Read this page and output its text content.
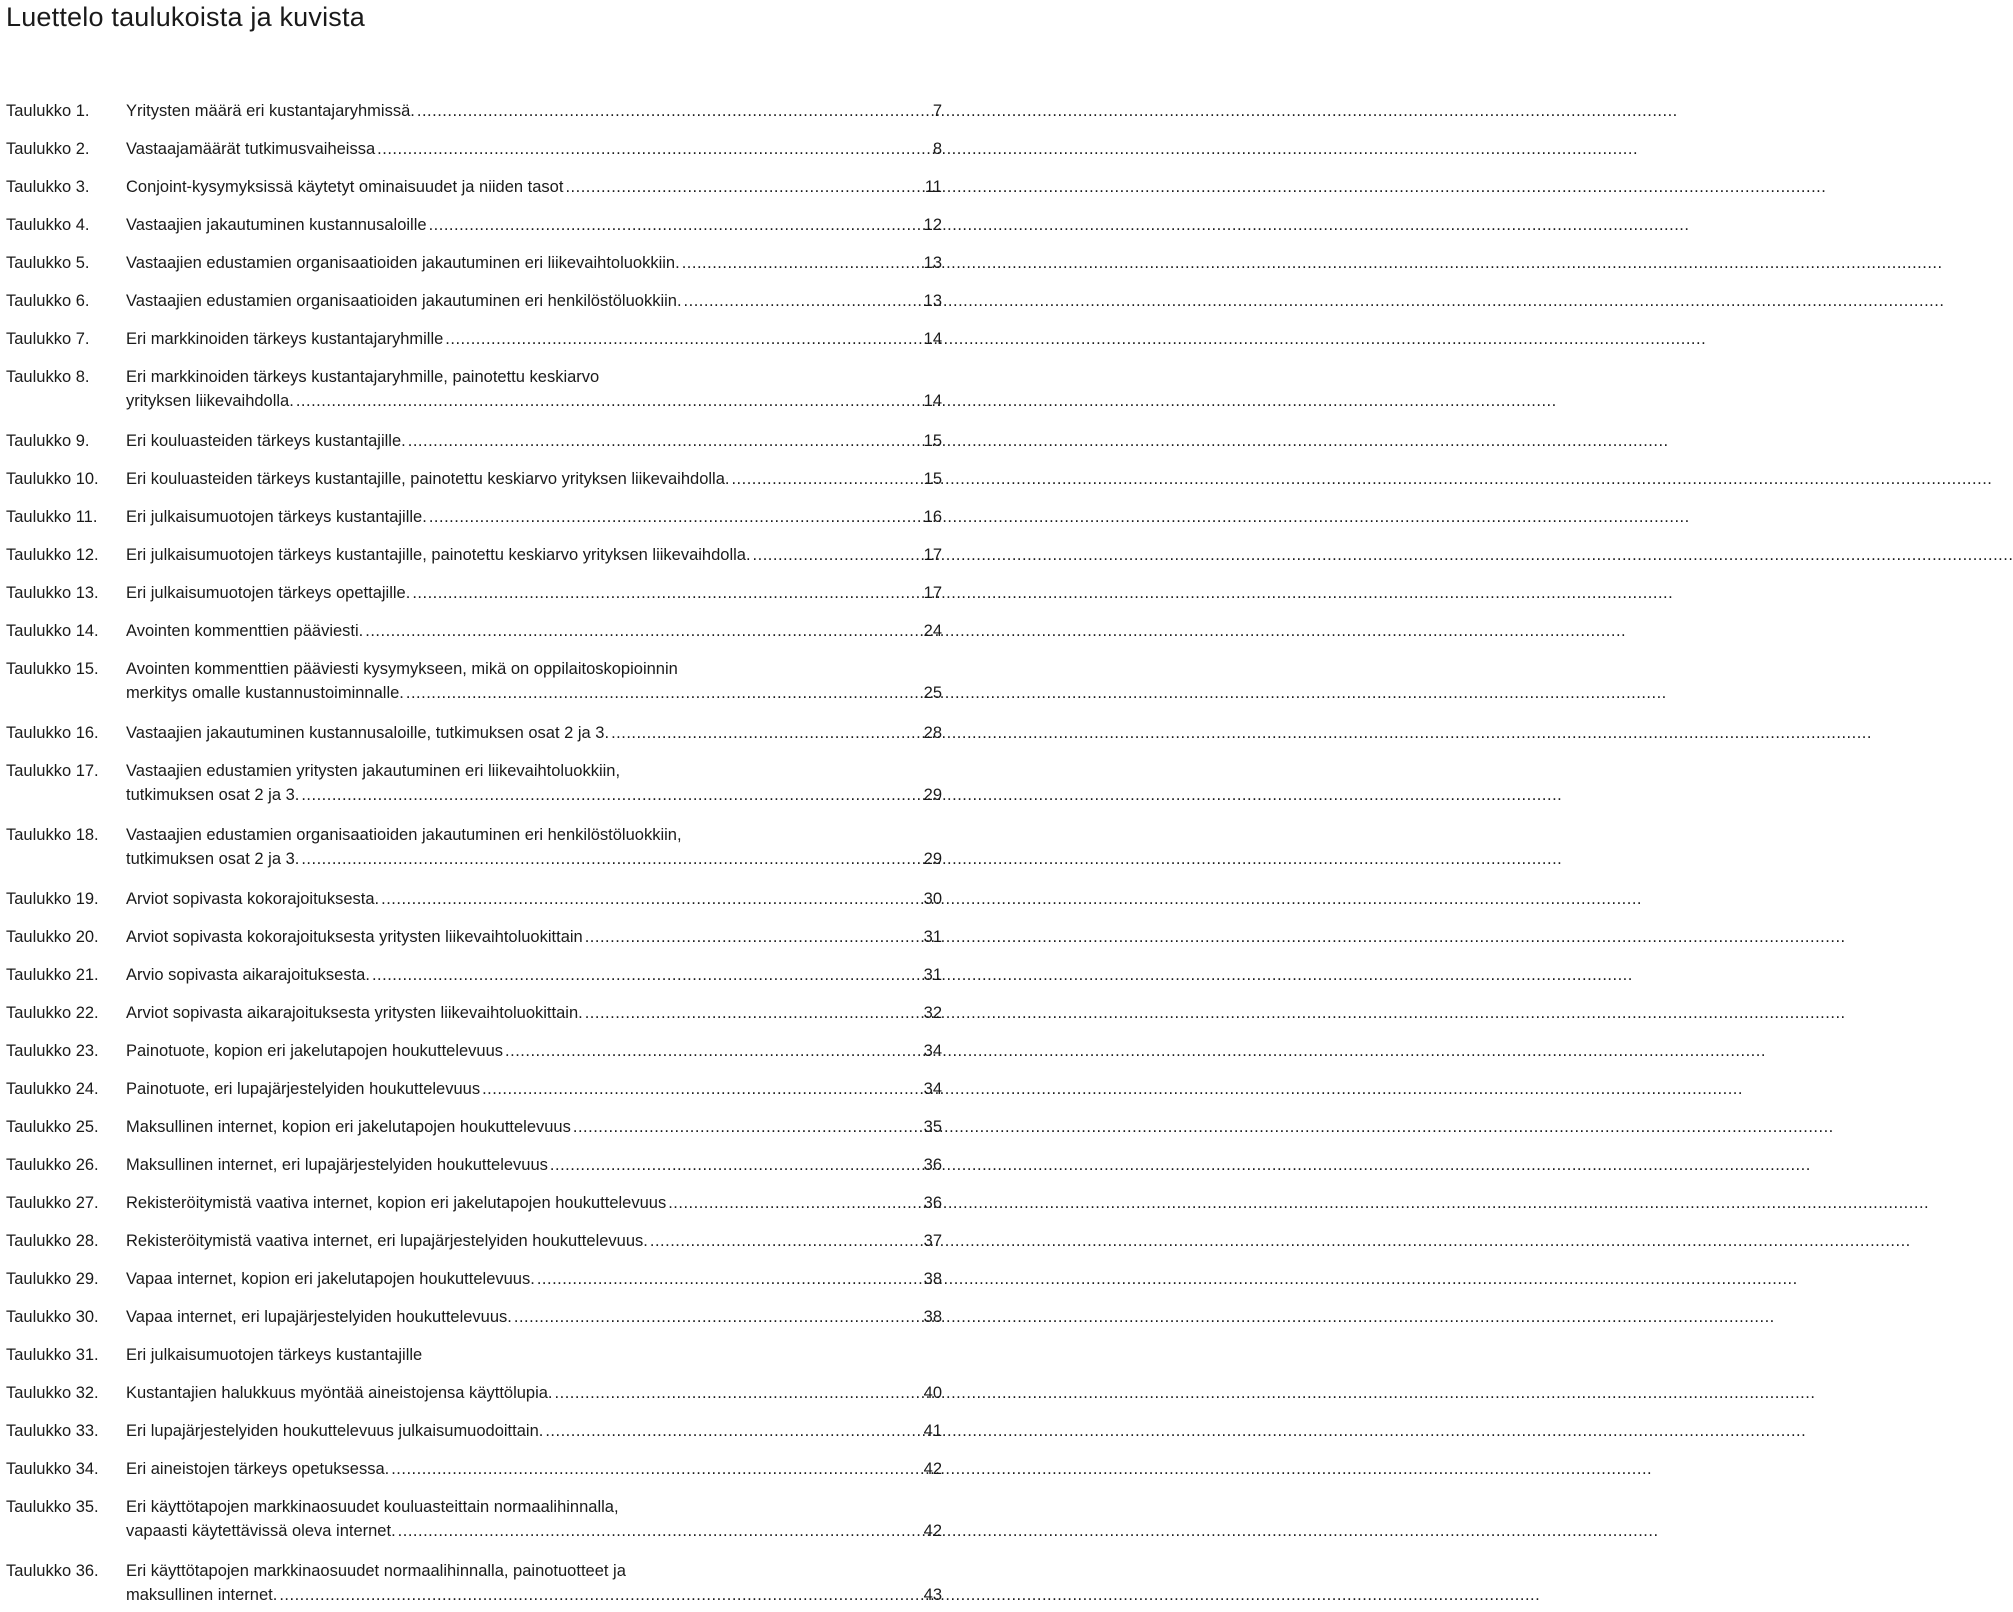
Luettelo taulukoista ja kuvista
Taulukko 1.	Yritysten määrä eri kustantajaryhmissä. .....	7
Taulukko 2.	Vastaajamäärät tutkimusvaiheissa .....	8
Taulukko 3.	Conjoint-kysymyksissä käytetyt ominaisuudet ja niiden tasot .....	11
Taulukko 4.	Vastaajien jakautuminen kustannusaloille .....	12
Taulukko 5.	Vastaajien edustamien organisaatioiden jakautuminen eri liikevaihtoluokkiin. .....	13
Taulukko 6.	Vastaajien edustamien organisaatioiden jakautuminen eri henkilöstöluokkiin. .....	13
Taulukko 7.	Eri markkinoiden tärkeys kustantajaryhmille .....	14
Taulukko 8.	Eri markkinoiden tärkeys kustantajaryhmille, painotettu keskiarvo
yrityksen liikevaihdolla. .....	14
Taulukko 9.	Eri kouluasteiden tärkeys kustantajille. .....	15
Taulukko 10.	Eri kouluasteiden tärkeys kustantajille, painotettu keskiarvo yrityksen liikevaihdolla. .....	15
Taulukko 11.	Eri julkaisumuotojen tärkeys kustantajille. .....	16
Taulukko 12.	Eri julkaisumuotojen tärkeys kustantajille, painotettu keskiarvo yrityksen liikevaihdolla. .....	17
Taulukko 13.	Eri julkaisumuotojen tärkeys opettajille. .....	17
Taulukko 14.	Avointen kommenttien pääviesti. .....	24
Taulukko 15.	Avointen kommenttien pääviesti kysymykseen, mikä on oppilaitoskopioinnin
merkitys omalle kustannustoiminnalle. .....	25
Taulukko 16.	Vastaajien jakautuminen kustannusaloille, tutkimuksen osat 2 ja 3. .....	28
Taulukko 17.	Vastaajien edustamien yritysten jakautuminen eri liikevaihtoluokkiin,
tutkimuksen osat 2 ja 3. .....	29
Taulukko 18.	Vastaajien edustamien organisaatioiden jakautuminen eri henkilöstöluokkiin,
tutkimuksen osat 2 ja 3. .....	29
Taulukko 19.	Arviot sopivasta kokorajoituksesta. .....	30
Taulukko 20.	Arviot sopivasta kokorajoituksesta yritysten liikevaihtoluokittain .....	31
Taulukko 21.	Arvio sopivasta aikarajoituksesta. .....	31
Taulukko 22.	Arviot sopivasta aikarajoituksesta yritysten liikevaihtoluokittain. .....	32
Taulukko 23.	Painotuote, kopion eri jakelutapojen houkuttelevuus .....	34
Taulukko 24.	Painotuote, eri lupajärjestelyiden houkuttelevuus .....	34
Taulukko 25.	Maksullinen internet, kopion eri jakelutapojen houkuttelevuus .....	35
Taulukko 26.	Maksullinen internet, eri lupajärjestelyiden houkuttelevuus .....	36
Taulukko 27.	Rekisteröitymistä vaativa internet, kopion eri jakelutapojen houkuttelevuus .....	36
Taulukko 28.	Rekisteröitymistä vaativa internet, eri lupajärjestelyiden houkuttelevuus. .....	37
Taulukko 29.	Vapaa internet, kopion eri jakelutapojen houkuttelevuus. .....	38
Taulukko 30.	Vapaa internet, eri lupajärjestelyiden houkuttelevuus. .....	38
Taulukko 31.	Eri julkaisumuotojen tärkeys kustantajille
Taulukko 32.	Kustantajien halukkuus myöntää aineistojensa käyttölupia. .....	40
Taulukko 33.	Eri lupajärjestelyiden houkuttelevuus julkaisumuodoittain. .....	41
Taulukko 34.	Eri aineistojen tärkeys opetuksessa. .....	42
Taulukko 35.	Eri käyttötapojen markkinaosuudet kouluasteittain normaalihinnalla,
vapaasti käytettävissä oleva internet. .....	42
Taulukko 36.	Eri käyttötapojen markkinaosuudet normaalihinnalla, painotuotteet ja
maksullinen internet. .....	43
